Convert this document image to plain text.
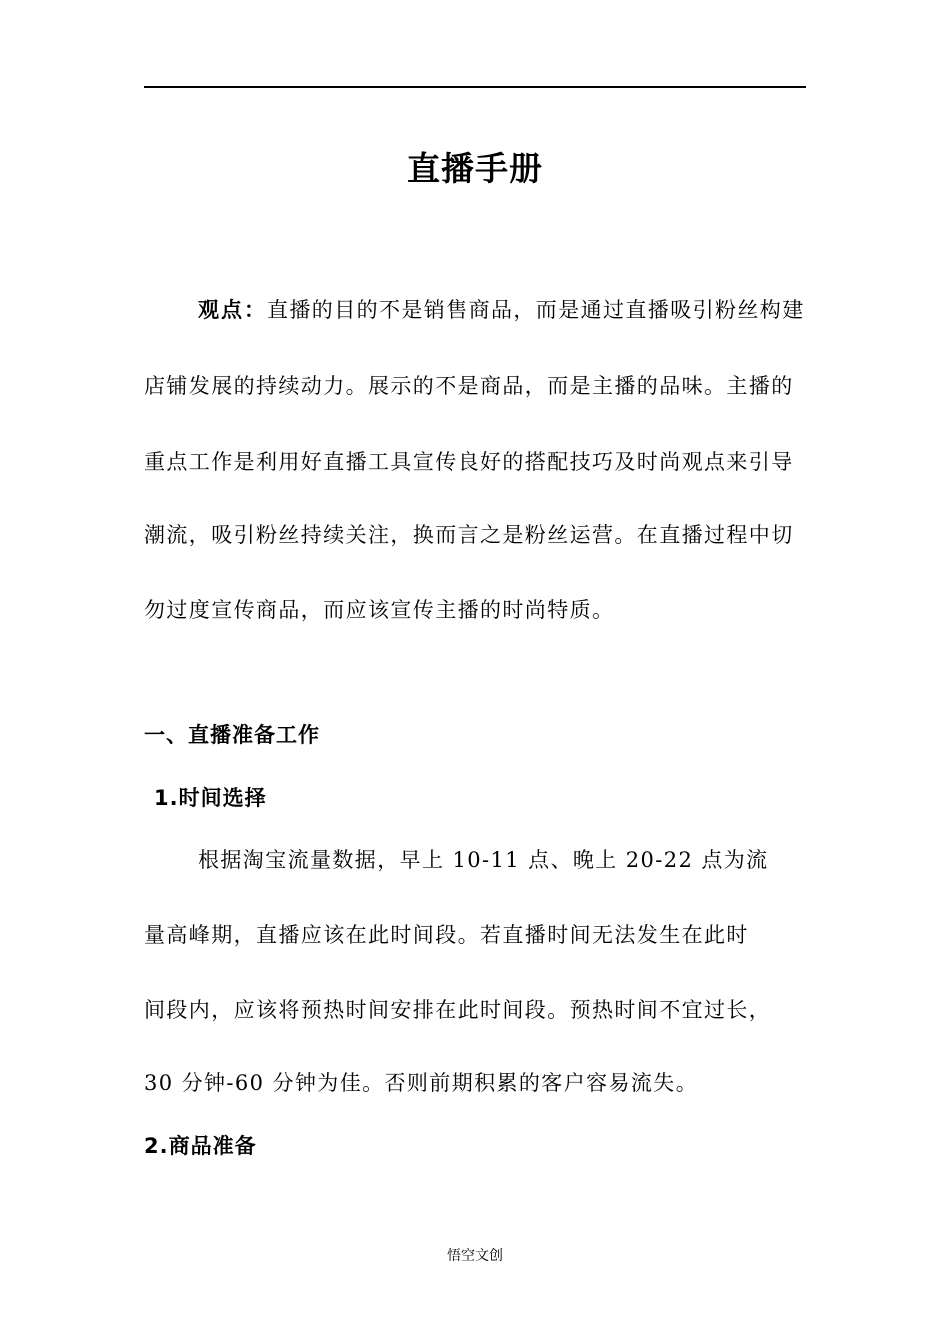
直播手册
观点：直播的目的不是销售商品，而是通过直播吸引粉丝构建
店铺发展的持续动力。展示的不是商品，而是主播的品味。主播的
重点工作是利用好直播工具宣传良好的搭配技巧及时尚观点来引导
潮流，吸引粉丝持续关注，换而言之是粉丝运营。在直播过程中切
勿过度宣传商品，而应该宣传主播的时尚特质。
一、直播准备工作
1.时间选择
根据淘宝流量数据，早上 10-11 点、晚上 20-22 点为流
量高峰期，直播应该在此时间段。若直播时间无法发生在此时
间段内，应该将预热时间安排在此时间段。预热时间不宜过长，
30 分钟-60 分钟为佳。否则前期积累的客户容易流失。
2.商品准备
悟空文创
